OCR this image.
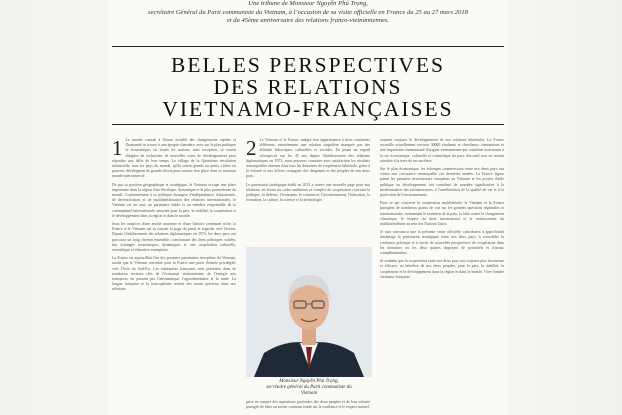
Une tribune de Monsieur Nguyễn Phú Trọng,
secrétaire Général du Parti communiste du Vietnam, à l’occasion de sa visite officielle en France du 25 au 27 mars 2018
et du 45ème anniversaire des relations franco-vietnamiennes.
BELLES PERSPECTIVES
DES RELATIONS
VIETNAMO-FRANÇAISES
1 Le monde connaît à l'heure actuelle des changements rapides et l'humanité se trouve à une époque charnière, avec sur le plan politique et économique, où toutes les nations, sans exception, se voient obligées de rechercher de nouvelles voies de développement pour répondre aux défis de leur temps. Le village de la Quatrième révolution industrielle, tous les pays du monde, qu'ils soient grands ou petits, riches ou pauvres, développent de grands efforts pour trouver leur place dans ce nouveau monde interconnecté.

De par sa position géographique et stratégique, le Vietnam occupe une place importante dans la région Asie-Pacifique, dynamique et la plus prometteuse du monde. Conformément à sa politique étrangère d'indépendance, d'autonomie, de diversification et de multilatéralisation des relations internationales, le Vietnam est un ami, un partenaire fiable et un membre responsable de la communauté internationale, œuvrant pour la paix, la stabilité, la coopération et le développement dans la région et dans le monde.

Sous les auspices d'une amitié ancienne et d'une histoire commune riche, la France et le Vietnam ont su tourner la page du passé et regarder vers l'avenir. Depuis l'établissement des relations diplomatiques en 1973, les deux pays ont parcouru un long chemin ensemble, construisant des liens politiques solides, des échanges économiques dynamiques et une coopération culturelle, scientifique et éducative exemplaire.

La France est aujourd'hui l'un des premiers partenaires européens du Vietnam, tandis que le Vietnam constitue pour la France une porte d'entrée privilégiée vers l'Asie du Sud-Est. Les entreprises françaises sont présentes dans de nombreux secteurs clés de l'économie vietnamienne, de l'énergie aux transports, en passant par l'aéronautique, l'agroalimentaire et la santé. La langue française et la francophonie restent des atouts précieux dans nos relations.

2 Le Vietnam et la France, malgré leur appartenance à deux continents différents, entretiennent une relation singulière marquée par des affinités historiques, culturelles et sociales. En jetant un regard rétrospectif sur les 45 ans depuis l'établissement des relations diplomatiques en 1973, nous pouvons constater avec satisfaction les résultats remarquables obtenus dans tous les domaines de coopération bilatérale, grâce à la volonté et aux efforts conjugués des dirigeants et des peuples de nos deux pays.

Le partenariat stratégique établi en 2013 a ouvert une nouvelle page pour nos relations, en fixant un cadre ambitieux et complet de coopération couvrant la politique, la défense, l'économie, le commerce, l'investissement, l'éducation, la formation, la culture, la science et la technologie.

Monsieur Nguyễn Phú Trọng,
secrétaire général du Parti communiste du
Vietnam
prise en compte des aspirations profondes des deux peuples et de leur volonté partagée de bâtir un avenir commun fondé sur la confiance et le respect mutuel.

soutenir toujours le développement de nos relations bilatérales. La France accueille actuellement environ 30000 étudiants et chercheurs vietnamiens et une importante communauté d'origine vietnamienne qui contribue activement à la vie économique, culturelle et scientifique du pays d'accueil tout en restant attachée à la terre de ses ancêtres.

Sur le plan économique, les échanges commerciaux entre nos deux pays ont connu une croissance remarquable ces dernières années. La France figure parmi les premiers investisseurs européens au Vietnam et les projets d'aide publique au développement ont contribué de manière significative à la modernisation des infrastructures, à l'amélioration de la qualité de vie et à la protection de l'environnement.

Pour ce qui concerne la coopération multilatérale, le Vietnam et la France partagent de nombreux points de vue sur les grandes questions régionales et internationales, notamment le maintien de la paix, la lutte contre le changement climatique, le respect du droit international et le renforcement du multilatéralisme au sein des Nations Unies.

Je suis convaincu que la présente visite officielle contribuera à approfondir davantage le partenariat stratégique entre nos deux pays, à consolider la confiance politique et à ouvrir de nouvelles perspectives de coopération dans les domaines où les deux parties disposent de potentiels et d'atouts complémentaires.

Je souhaite que la coopération entre nos deux pays soit toujours plus fructueuse et efficace, au bénéfice de nos deux peuples, pour la paix, la stabilité, la coopération et le développement dans la région et dans le monde. Vive l'amitié vietnamo-française.
